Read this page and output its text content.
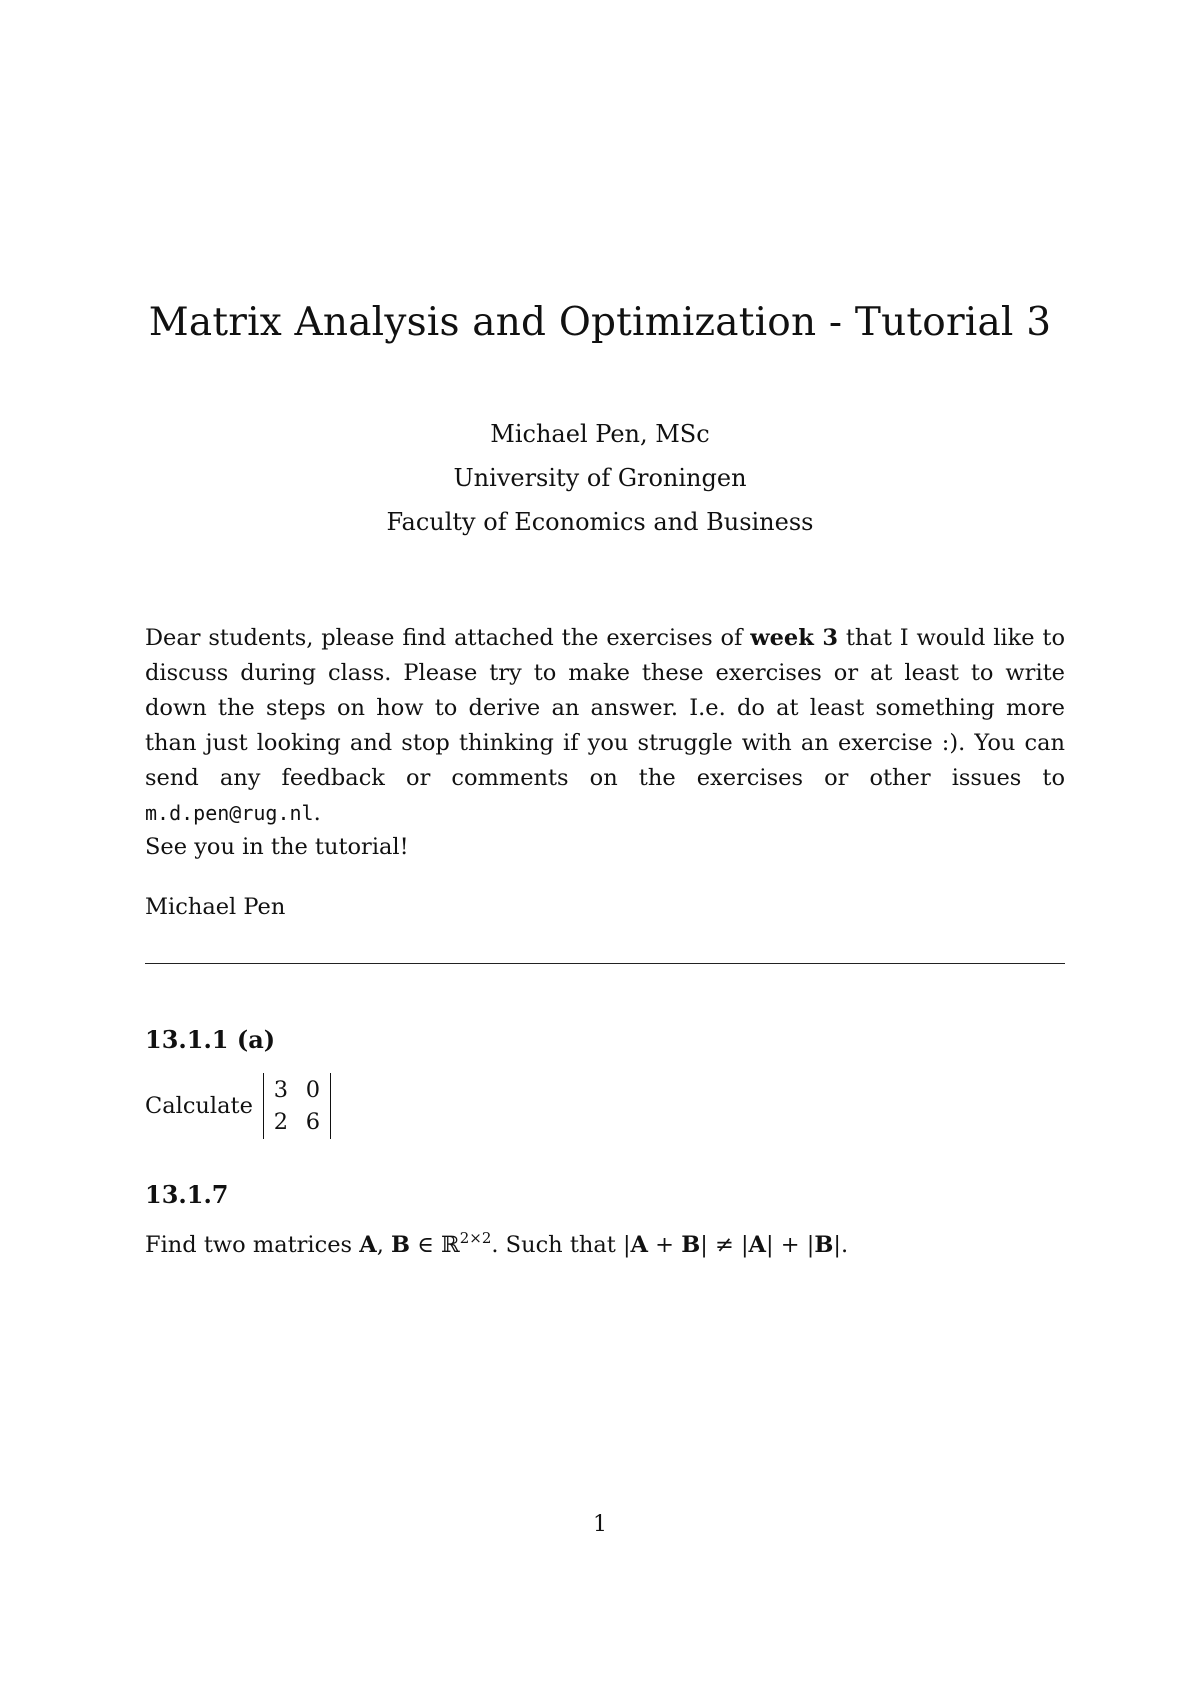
Matrix Analysis and Optimization - Tutorial 3
Michael Pen, MSc
University of Groningen
Faculty of Economics and Business

Dear students, please find attached the exercises of week 3 that I would like to discuss during class. Please try to make these exercises or at least to write down the steps on how to derive an answer. I.e. do at least something more than just looking and stop thinking if you struggle with an exercise :). You can send any feedback or comments on the exercises or other issues to m.d.pen@rug.nl.

See you in the tutorial!
Michael Pen
13.1.1 (a)
Calculate
3 0
2 6
13.1.7
Find two matrices A, B ∈ ℝ$^{2\times 2}$. Such that |A + B| ≠ |A| + |B|.
1
